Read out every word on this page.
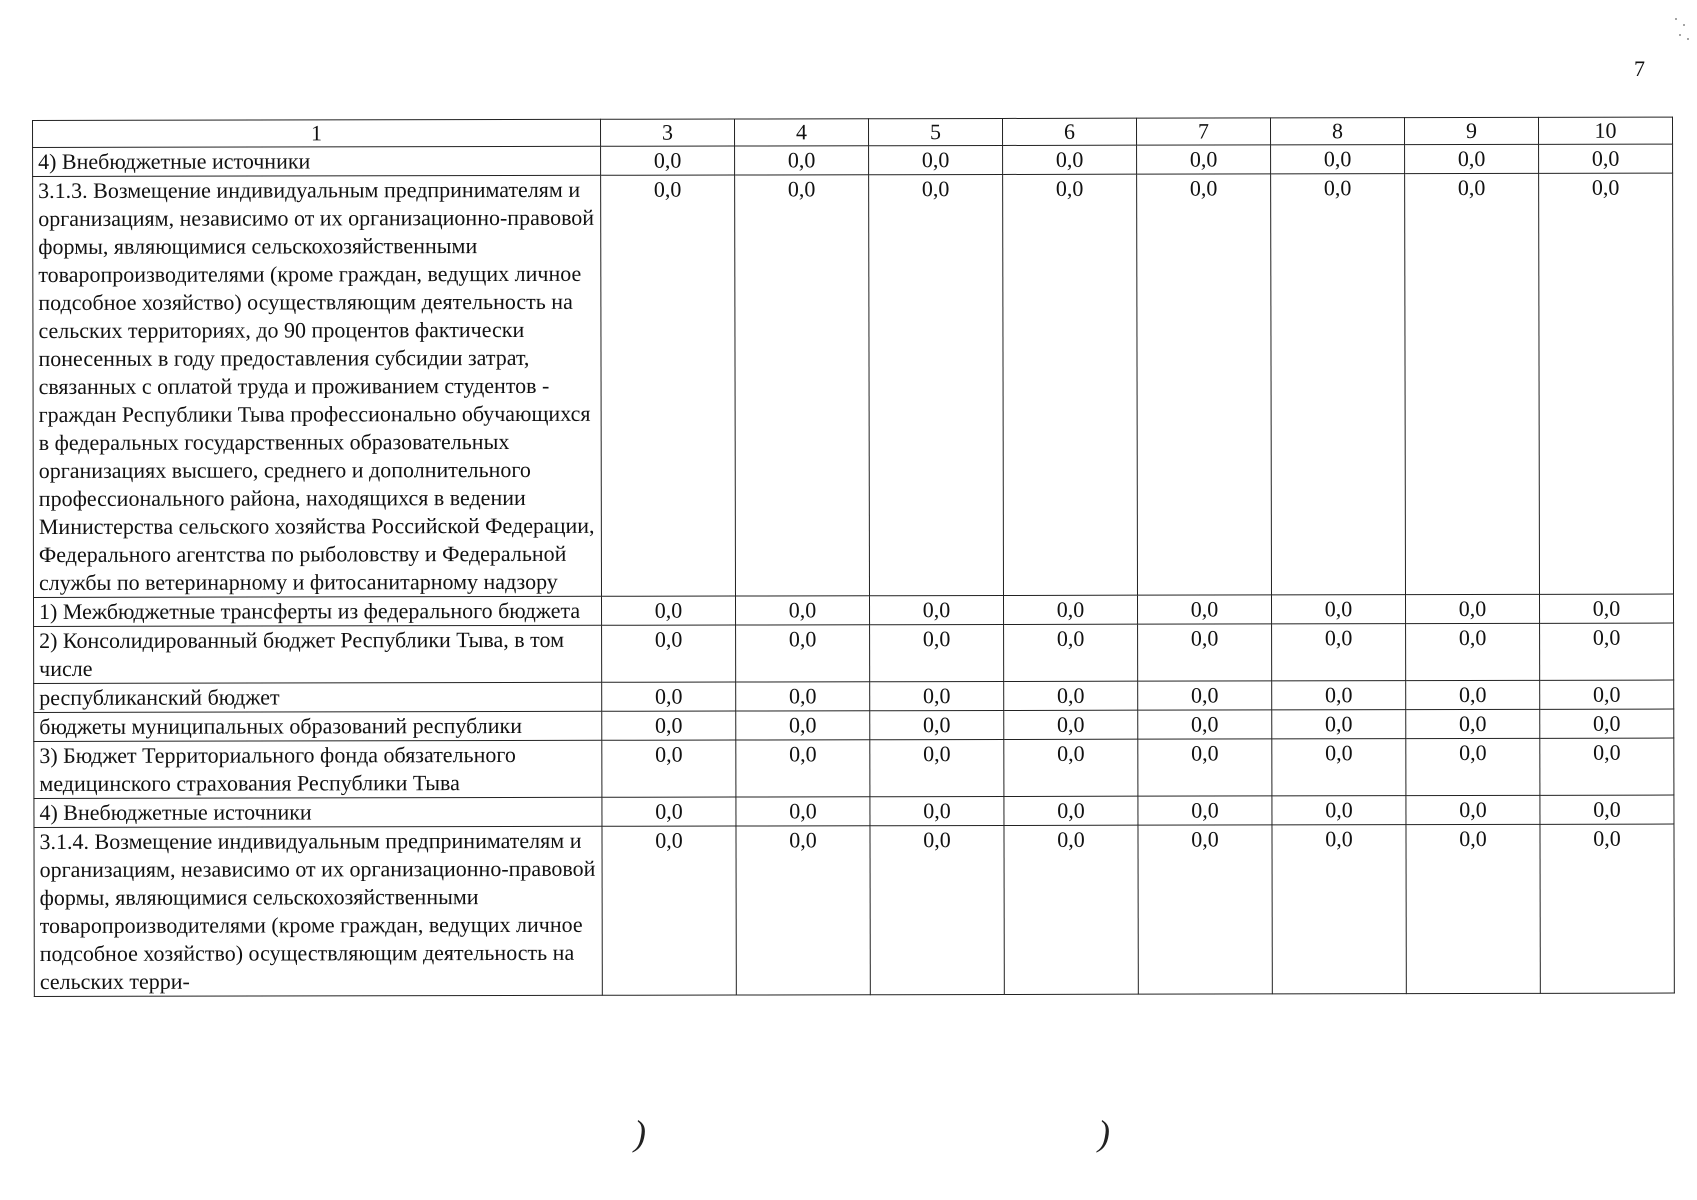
7
1	3	4	5	6	7	8	9	10
4) Внебюджетные источники	0,0	0,0	0,0	0,0	0,0	0,0	0,0	0,0
3.1.3. Возмещение индивидуальным предпринимателям и организациям, независимо от их организационно-правовой формы, являющимися сельскохозяйственными товаропроизводителями (кроме граждан, ведущих личное подсобное хозяйство) осуществляющим деятельность на сельских территориях, до 90 процентов фактически понесенных в году предоставления субсидии затрат, связанных с оплатой труда и проживанием студентов - граждан Республики Тыва профессионально обучающихся в федеральных государственных образовательных организациях высшего, среднего и дополнительного профессионального района, находящихся в ведении Министерства сельского хозяйства Российской Федерации, Федерального агентства по рыболовству и Федеральной службы по ветеринарному и фитосанитарному надзору	0,0	0,0	0,0	0,0	0,0	0,0	0,0	0,0
1) Межбюджетные трансферты из федерального бюджета	0,0	0,0	0,0	0,0	0,0	0,0	0,0	0,0
2) Консолидированный бюджет Республики Тыва, в том числе	0,0	0,0	0,0	0,0	0,0	0,0	0,0	0,0
республиканский бюджет	0,0	0,0	0,0	0,0	0,0	0,0	0,0	0,0
бюджеты муниципальных образований республики	0,0	0,0	0,0	0,0	0,0	0,0	0,0	0,0
3) Бюджет Территориального фонда обязательного медицинского страхования Республики Тыва	0,0	0,0	0,0	0,0	0,0	0,0	0,0	0,0
4) Внебюджетные источники	0,0	0,0	0,0	0,0	0,0	0,0	0,0	0,0
3.1.4. Возмещение индивидуальным предпринимателям и организациям, независимо от их организационно-правовой формы, являющимися сельскохозяйственными товаропроизводителями (кроме граждан, ведущих личное подсобное хозяйство) осуществляющим деятельность на сельских терри-	0,0	0,0	0,0	0,0	0,0	0,0	0,0	0,0
)	)
